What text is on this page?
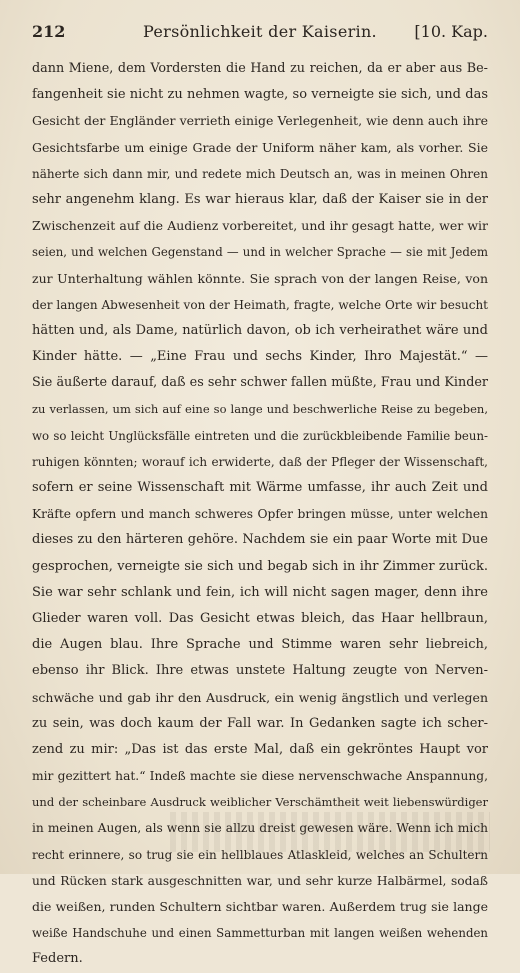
212	Persönlichkeit der Kaiserin.	[10. Kap.
dann Miene, dem Vordersten die Hand zu reichen, da er aber aus Be-
fangenheit sie nicht zu nehmen wagte, so verneigte sie sich, und das
Gesicht der Engländer verrieth einige Verlegenheit, wie denn auch ihre
Gesichtsfarbe um einige Grade der Uniform näher kam, als vorher. Sie
näherte sich dann mir, und redete mich Deutsch an, was in meinen Ohren
sehr angenehm klang. Es war hieraus klar, daß der Kaiser sie in der
Zwischenzeit auf die Audienz vorbereitet, und ihr gesagt hatte, wer wir
seien, und welchen Gegenstand — und in welcher Sprache — sie mit Jedem
zur Unterhaltung wählen könnte. Sie sprach von der langen Reise, von
der langen Abwesenheit von der Heimath, fragte, welche Orte wir besucht
hätten und, als Dame, natürlich davon, ob ich verheirathet wäre und
Kinder hätte. — „Eine Frau und sechs Kinder, Ihro Majestät.“ —
Sie äußerte darauf, daß es sehr schwer fallen müßte, Frau und Kinder
zu verlassen, um sich auf eine so lange und beschwerliche Reise zu begeben,
wo so leicht Unglücksfälle eintreten und die zurückbleibende Familie beun-
ruhigen könnten; worauf ich erwiderte, daß der Pfleger der Wissenschaft,
sofern er seine Wissenschaft mit Wärme umfasse, ihr auch Zeit und
Kräfte opfern und manch schweres Opfer bringen müsse, unter welchen
dieses zu den härteren gehöre. Nachdem sie ein paar Worte mit Due
gesprochen, verneigte sie sich und begab sich in ihr Zimmer zurück.
Sie war sehr schlank und fein, ich will nicht sagen mager, denn ihre
Glieder waren voll. Das Gesicht etwas bleich, das Haar hellbraun,
die Augen blau. Ihre Sprache und Stimme waren sehr liebreich,
ebenso ihr Blick. Ihre etwas unstete Haltung zeugte von Nerven-
schwäche und gab ihr den Ausdruck, ein wenig ängstlich und verlegen
zu sein, was doch kaum der Fall war. In Gedanken sagte ich scher-
zend zu mir: „Das ist das erste Mal, daß ein gekröntes Haupt vor
mir gezittert hat.“ Indeß machte sie diese nervenschwache Anspannung,
und der scheinbare Ausdruck weiblicher Verschämtheit weit liebenswürdiger
in meinen Augen, als wenn sie allzu dreist gewesen wäre. Wenn ich mich
recht erinnere, so trug sie ein hellblaues Atlaskleid, welches an Schultern
und Rücken stark ausgeschnitten war, und sehr kurze Halbärmel, sodaß
die weißen, runden Schultern sichtbar waren. Außerdem trug sie lange
weiße Handschuhe und einen Sammetturban mit langen weißen wehenden
Federn.
